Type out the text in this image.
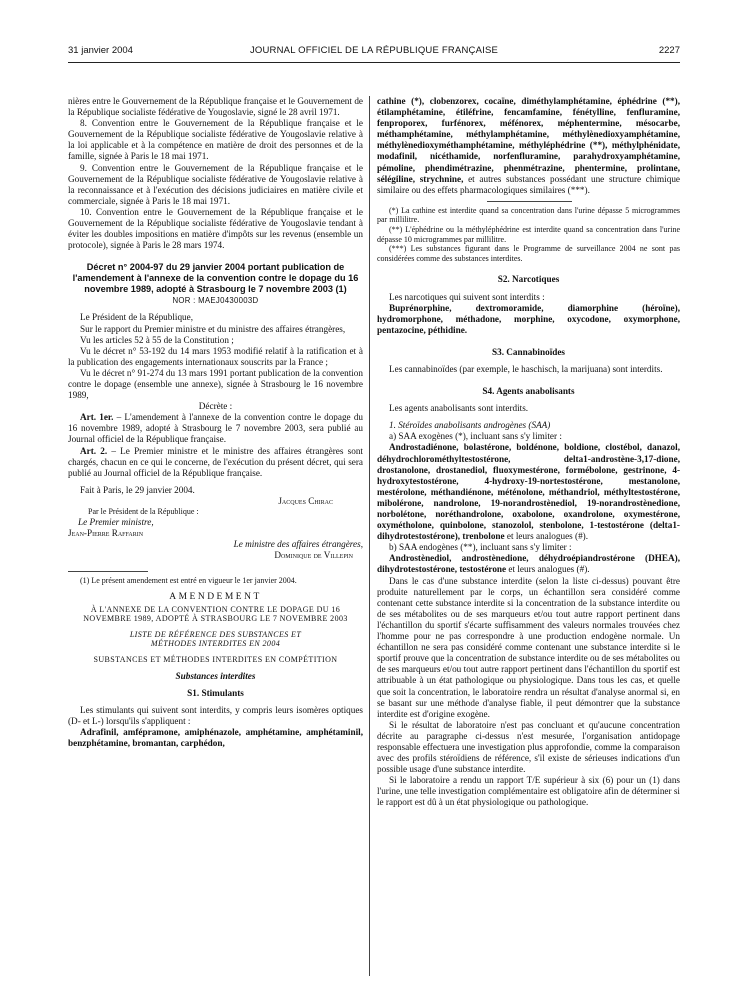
31 janvier 2004	JOURNAL OFFICIEL DE LA RÉPUBLIQUE FRANÇAISE	2227

nières entre le Gouvernement de la République française et le Gouvernement de la République socialiste fédérative de Yougoslavie, signé le 28 avril 1971.

8. Convention entre le Gouvernement de la République française et le Gouvernement de la République socialiste fédérative de Yougoslavie relative à la loi applicable et à la compétence en matière de droit des personnes et de la famille, signée à Paris le 18 mai 1971.

9. Convention entre le Gouvernement de la République française et le Gouvernement de la République socialiste fédérative de Yougoslavie relative à la reconnaissance et à l'exécution des décisions judiciaires en matière civile et commerciale, signée à Paris le 18 mai 1971.

10. Convention entre le Gouvernement de la République française et le Gouvernement de la République socialiste fédérative de Yougoslavie tendant à éviter les doubles impositions en matière d'impôts sur les revenus (ensemble un protocole), signée à Paris le 28 mars 1974.

Décret n° 2004-97 du 29 janvier 2004 portant publication de l'amendement à l'annexe de la convention contre le dopage du 16 novembre 1989, adopté à Strasbourg le 7 novembre 2003 (1)

NOR : MAEJ0430003D

Le Président de la République,

Sur le rapport du Premier ministre et du ministre des affaires étrangères,

Vu les articles 52 à 55 de la Constitution ;

Vu le décret n° 53-192 du 14 mars 1953 modifié relatif à la ratification et à la publication des engagements internationaux souscrits par la France ;

Vu le décret n° 91-274 du 13 mars 1991 portant publication de la convention contre le dopage (ensemble une annexe), signée à Strasbourg le 16 novembre 1989,

Décrète :

Art. 1er. – L'amendement à l'annexe de la convention contre le dopage du 16 novembre 1989, adopté à Strasbourg le 7 novembre 2003, sera publié au Journal officiel de la République française.

Art. 2. – Le Premier ministre et le ministre des affaires étrangères sont chargés, chacun en ce qui le concerne, de l'exécution du présent décret, qui sera publié au Journal officiel de la République française.

Fait à Paris, le 29 janvier 2004.

Jacques Chirac

Par le Président de la République :

Le Premier ministre,

Jean-Pierre Raffarin

Le ministre des affaires étrangères,

Dominique de Villepin

(1) Le présent amendement est entré en vigueur le 1er janvier 2004.

AMENDEMENT

À L'ANNEXE DE LA CONVENTION CONTRE LE DOPAGE DU 16 NOVEMBRE 1989, ADOPTÉ À STRASBOURG LE 7 NOVEMBRE 2003

LISTE DE RÉFÉRENCE DES SUBSTANCES ET MÉTHODES INTERDITES EN 2004

SUBSTANCES ET MÉTHODES INTERDITES EN COMPÉTITION

Substances interdites

S1. Stimulants

Les stimulants qui suivent sont interdits, y compris leurs isomères optiques (D- et L-) lorsqu'ils s'appliquent :

Adrafinil, amfépramone, amiphénazole, amphétamine, amphétaminil, benzphétamine, bromantan, carphédon,

cathine (*), clobenzorex, cocaïne, diméthylamphétamine, éphédrine (**), étilamphétamine, étiléfrine, fencamfamine, fénétylline, fenfluramine, fenproporex, furfénorex, méfénorex, méphentermine, mésocarbe, méthamphétamine, méthylamphétamine, méthylènedioxyamphétamine, méthylènedioxyméthamphétamine, méthyléphédrine (**), méthylphénidate, modafinil, nicéthamide, norfenfluramine, parahydroxyamphétamine, pémoline, phendimétrazine, phenmétrazine, phentermine, prolintane, sélégiline, strychnine, et autres substances possédant une structure chimique similaire ou des effets pharmacologiques similaires (***).

(*) La cathine est interdite quand sa concentration dans l'urine dépasse 5 microgrammes par millilitre.

(**) L'éphédrine ou la méthyléphédrine est interdite quand sa concentration dans l'urine dépasse 10 microgrammes par millilitre.

(***) Les substances figurant dans le Programme de surveillance 2004 ne sont pas considérées comme des substances interdites.

S2. Narcotiques

Les narcotiques qui suivent sont interdits :

Buprénorphine, dextromoramide, diamorphine (héroïne), hydromorphone, méthadone, morphine, oxycodone, oxymorphone, pentazocine, péthidine.

S3. Cannabinoïdes

Les cannabinoïdes (par exemple, le haschisch, la marijuana) sont interdits.

S4. Agents anabolisants

Les agents anabolisants sont interdits.

1. Stéroïdes anabolisants androgènes (SAA)

a) SAA exogènes (*), incluant sans s'y limiter :

Androstadiénone, bolastérone, boldénone, boldione, clostébol, danazol, déhydrochlorométhyltestostérone, delta1-androstène-3,17-dione, drostanolone, drostanediol, fluoxymestérone, formébolone, gestrinone, 4-hydroxytestostérone, 4-hydroxy-19-nortestostérone, mestanolone, mestérolone, méthandiénone, méténolone, méthandriol, méthyltestostérone, mibolérone, nandrolone, 19-norandrostènediol, 19-norandrostènedione, norbolétone, noréthandrolone, oxabolone, oxandrolone, oxymestérone, oxymétholone, quinbolone, stanozolol, stenbolone, 1-testostérone (delta1-dihydrotestostérone), trenbolone et leurs analogues (#).

b) SAA endogènes (**), incluant sans s'y limiter :

Androstènediol, androstènedione, déhydroépiandrostérone (DHEA), dihydrotestostérone, testostérone et leurs analogues (#).

Dans le cas d'une substance interdite (selon la liste ci-dessus) pouvant être produite naturellement par le corps, un échantillon sera considéré comme contenant cette substance interdite si la concentration de la substance interdite ou de ses métabolites ou de ses marqueurs et/ou tout autre rapport pertinent dans l'échantillon du sportif s'écarte suffisamment des valeurs normales trouvées chez l'homme pour ne pas correspondre à une production endogène normale. Un échantillon ne sera pas considéré comme contenant une substance interdite si le sportif prouve que la concentration de substance interdite ou de ses métabolites ou de ses marqueurs et/ou tout autre rapport pertinent dans l'échantillon du sportif est attribuable à un état pathologique ou physiologique. Dans tous les cas, et quelle que soit la concentration, le laboratoire rendra un résultat d'analyse anormal si, en se basant sur une méthode d'analyse fiable, il peut démontrer que la substance interdite est d'origine exogène.

Si le résultat de laboratoire n'est pas concluant et qu'aucune concentration décrite au paragraphe ci-dessus n'est mesurée, l'organisation antidopage responsable effectuera une investigation plus approfondie, comme la comparaison avec des profils stéroïdiens de référence, s'il existe de sérieuses indications d'un possible usage d'une substance interdite.

Si le laboratoire a rendu un rapport T/E supérieur à six (6) pour un (1) dans l'urine, une telle investigation complémentaire est obligatoire afin de déterminer si le rapport est dû à un état physiologique ou pathologique.
